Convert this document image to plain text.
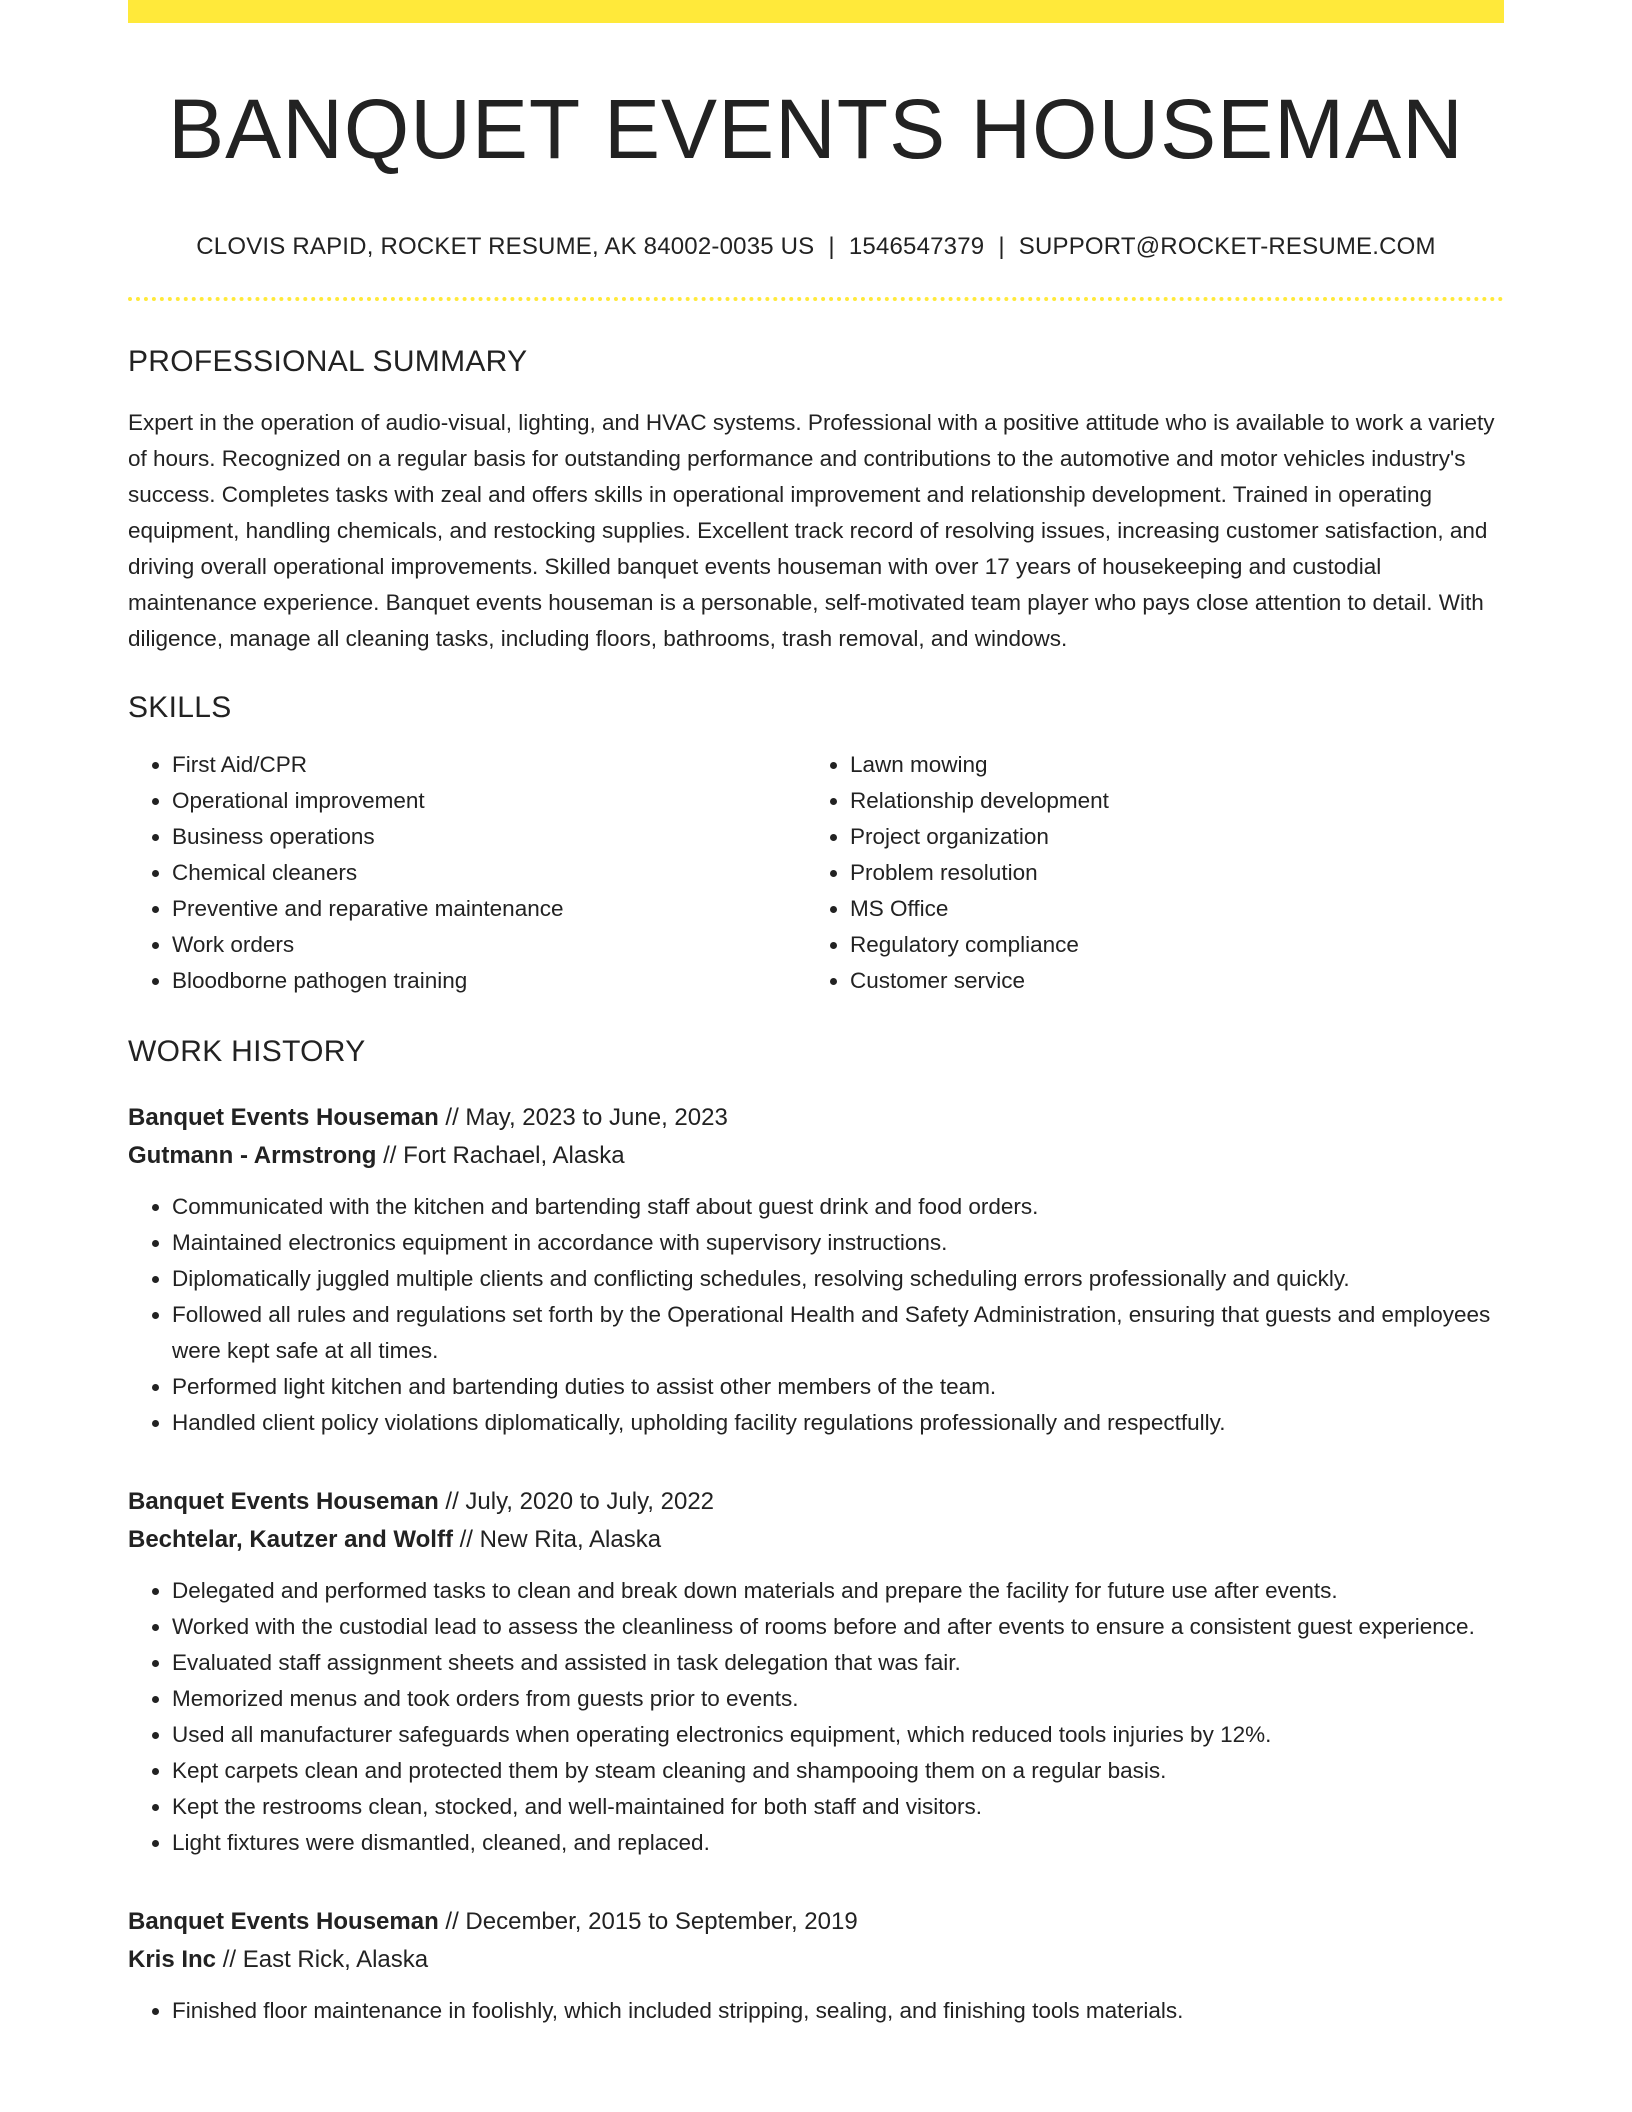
BANQUET EVENTS HOUSEMAN
CLOVIS RAPID, ROCKET RESUME, AK 84002-0035 US | 1546547379 | SUPPORT@ROCKET-RESUME.COM
PROFESSIONAL SUMMARY

Expert in the operation of audio-visual, lighting, and HVAC systems. Professional with a positive attitude who is available to work a variety of hours. Recognized on a regular basis for outstanding performance and contributions to the automotive and motor vehicles industry's success. Completes tasks with zeal and offers skills in operational improvement and relationship development. Trained in operating equipment, handling chemicals, and restocking supplies. Excellent track record of resolving issues, increasing customer satisfaction, and driving overall operational improvements. Skilled banquet events houseman with over 17 years of housekeeping and custodial maintenance experience. Banquet events houseman is a personable, self-motivated team player who pays close attention to detail. With diligence, manage all cleaning tasks, including floors, bathrooms, trash removal, and windows.

SKILLS
• First Aid/CPR
• Operational improvement
• Business operations
• Chemical cleaners
• Preventive and reparative maintenance
• Work orders
• Bloodborne pathogen training
• Lawn mowing
• Relationship development
• Project organization
• Problem resolution
• MS Office
• Regulatory compliance
• Customer service
WORK HISTORY
Banquet Events Houseman // May, 2023 to June, 2023
Gutmann - Armstrong // Fort Rachael, Alaska
• Communicated with the kitchen and bartending staff about guest drink and food orders.
• Maintained electronics equipment in accordance with supervisory instructions.
• Diplomatically juggled multiple clients and conflicting schedules, resolving scheduling errors professionally and quickly.
• Followed all rules and regulations set forth by the Operational Health and Safety Administration, ensuring that guests and employees were kept safe at all times.
• Performed light kitchen and bartending duties to assist other members of the team.
• Handled client policy violations diplomatically, upholding facility regulations professionally and respectfully.
Banquet Events Houseman // July, 2020 to July, 2022
Bechtelar, Kautzer and Wolff // New Rita, Alaska
• Delegated and performed tasks to clean and break down materials and prepare the facility for future use after events.
• Worked with the custodial lead to assess the cleanliness of rooms before and after events to ensure a consistent guest experience.
• Evaluated staff assignment sheets and assisted in task delegation that was fair.
• Memorized menus and took orders from guests prior to events.
• Used all manufacturer safeguards when operating electronics equipment, which reduced tools injuries by 12%.
• Kept carpets clean and protected them by steam cleaning and shampooing them on a regular basis.
• Kept the restrooms clean, stocked, and well-maintained for both staff and visitors.
• Light fixtures were dismantled, cleaned, and replaced.
Banquet Events Houseman // December, 2015 to September, 2019
Kris Inc // East Rick, Alaska
• Finished floor maintenance in foolishly, which included stripping, sealing, and finishing tools materials.
